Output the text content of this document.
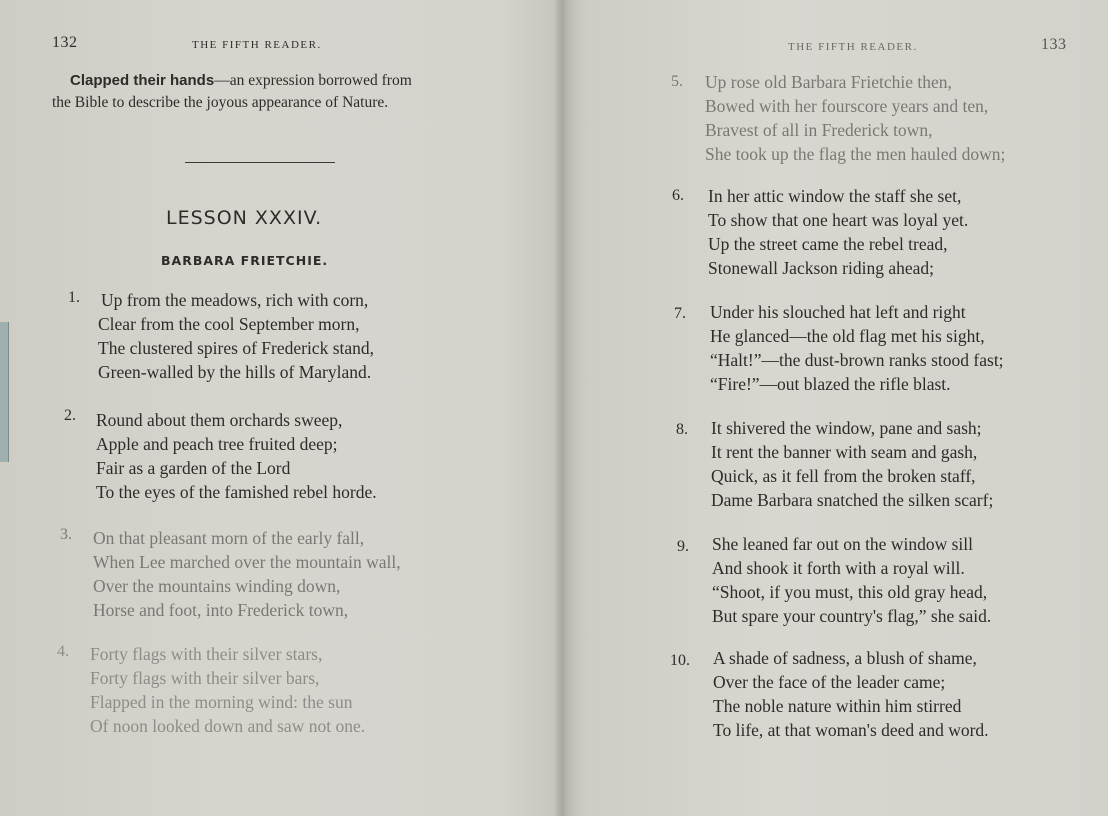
132	THE FIFTH READER.
Clapped their hands—an expression borrowed from
the Bible to describe the joyous appearance of Nature.
LESSON XXXIV.
BARBARA FRIETCHIE.
1. Up from the meadows, rich with corn,
Clear from the cool September morn,
The clustered spires of Frederick stand,
Green-walled by the hills of Maryland.
2. Round about them orchards sweep,
Apple and peach tree fruited deep;
Fair as a garden of the Lord
To the eyes of the famished rebel horde.
3. On that pleasant morn of the early fall,
When Lee marched over the mountain wall,
Over the mountains winding down,
Horse and foot, into Frederick town,
4. Forty flags with their silver stars,
Forty flags with their silver bars,
Flapped in the morning wind: the sun
Of noon looked down and saw not one.
THE FIFTH READER.	133
5. Up rose old Barbara Frietchie then,
Bowed with her fourscore years and ten,
Bravest of all in Frederick town,
She took up the flag the men hauled down;
6. In her attic window the staff she set,
To show that one heart was loyal yet.
Up the street came the rebel tread,
Stonewall Jackson riding ahead;
7. Under his slouched hat left and right
He glanced—the old flag met his sight,
“Halt!”—the dust-brown ranks stood fast;
“Fire!”—out blazed the rifle blast.
8. It shivered the window, pane and sash;
It rent the banner with seam and gash,
Quick, as it fell from the broken staff,
Dame Barbara snatched the silken scarf;
9. She leaned far out on the window sill
And shook it forth with a royal will.
“Shoot, if you must, this old gray head,
But spare your country's flag,” she said.
10. A shade of sadness, a blush of shame,
Over the face of the leader came;
The noble nature within him stirred
To life, at that woman's deed and word.
